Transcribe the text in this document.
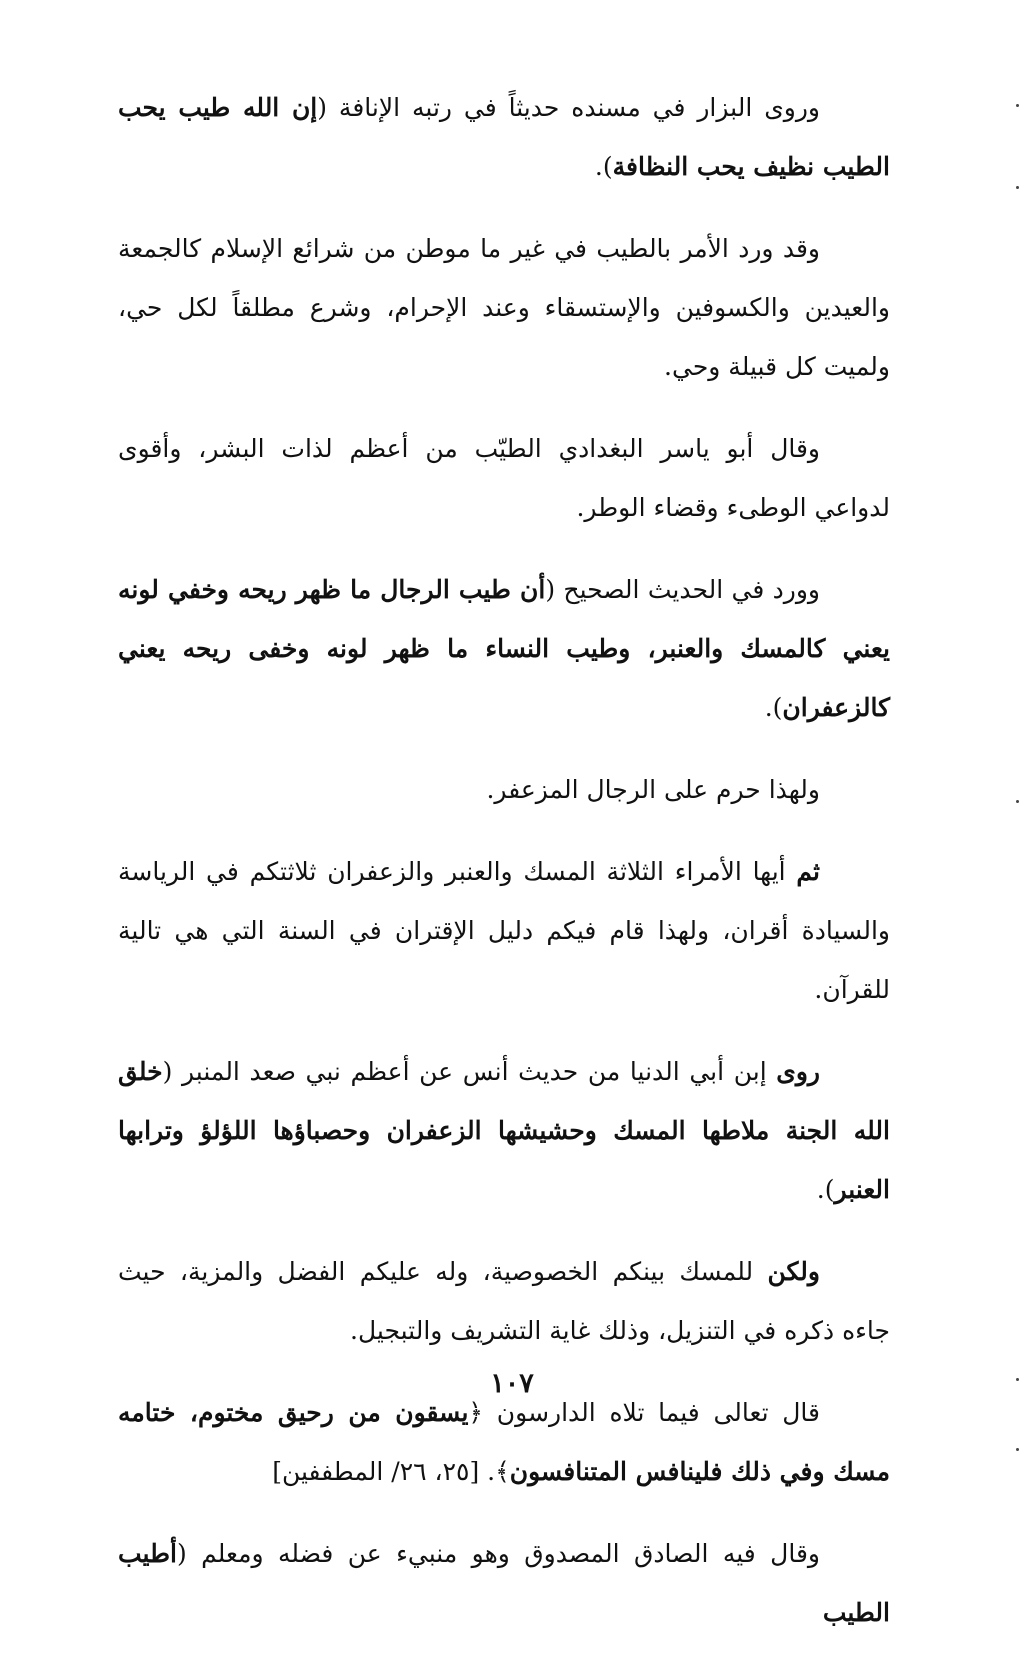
وروى البزار في مسنده حديثاً في رتبه الإنافة (إن الله طيب يحب الطيب نظيف يحب النظافة).

وقد ورد الأمر بالطيب في غير ما موطن من شرائع الإسلام كالجمعة والعيدين والكسوفين والإستسقاء وعند الإحرام، وشرع مطلقاً لكل حي، ولميت كل قبيلة وحي.

وقال أبو ياسر البغدادي الطيّب من أعظم لذات البشر، وأقوى لدواعي الوطىء وقضاء الوطر.

وورد في الحديث الصحيح (أن طيب الرجال ما ظهر ريحه وخفي لونه يعني كالمسك والعنبر، وطيب النساء ما ظهر لونه وخفى ريحه يعني كالزعفران).

ولهذا حرم على الرجال المزعفر.

ثم أيها الأمراء الثلاثة المسك والعنبر والزعفران ثلاثتكم في الرياسة والسيادة أقران، ولهذا قام فيكم دليل الإقتران في السنة التي هي تالية للقرآن.

روى إبن أبي الدنيا من حديث أنس عن أعظم نبي صعد المنبر (خلق الله الجنة ملاطها المسك وحشيشها الزعفران وحصباؤها اللؤلؤ وترابها العنبر).

ولكن للمسك بينكم الخصوصية، وله عليكم الفضل والمزية، حيث جاءه ذكره في التنزيل، وذلك غاية التشريف والتبجيل.

قال تعالى فيما تلاه الدارسون ﴿يسقون من رحيق مختوم، ختامه مسك وفي ذلك فلينافس المتنافسون﴾. [٢٥، ٢٦/ المطففين]

وقال فيه الصادق المصدوق وهو منبيء عن فضله ومعلم (أطيب الطيب

١٠٧
